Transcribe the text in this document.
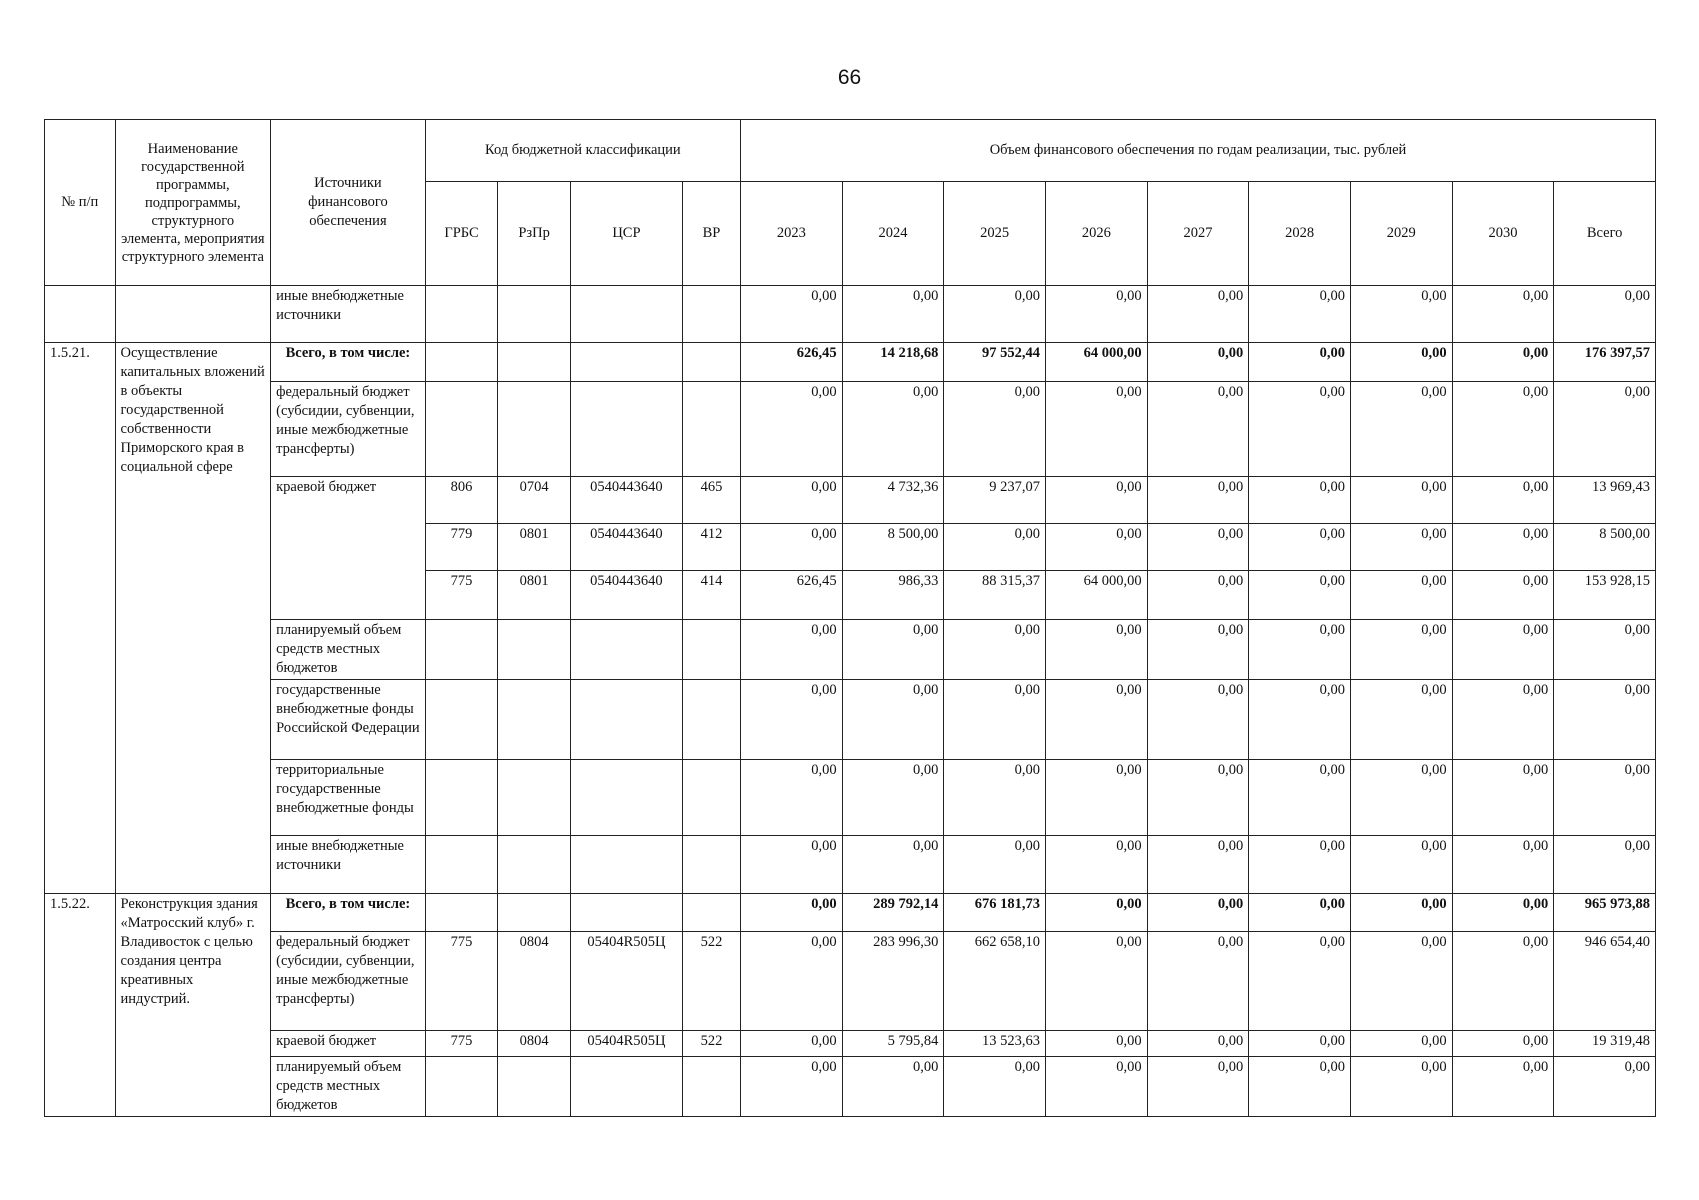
66
№ п/п	Наименование государственной программы, подпрограммы, структурного элемента, мероприятия структурного элемента	Источники финансового обеспечения	Код бюджетной классификации				Объем финансового обеспечения по годам реализации, тыс. рублей								
			ГРБС	РзПр	ЦСР	ВР	2023	2024	2025	2026	2027	2028	2029	2030	Всего
		иные внебюджетные источники					0,00	0,00	0,00	0,00	0,00	0,00	0,00	0,00	0,00
1.5.21.	Осуществление капитальных вложений в объекты государственной собственности Приморского края в социальной сфере	Всего, в том числе:					626,45	14 218,68	97 552,44	64 000,00	0,00	0,00	0,00	0,00	176 397,57
		федеральный бюджет (субсидии, субвенции, иные межбюджетные трансферты)					0,00	0,00	0,00	0,00	0,00	0,00	0,00	0,00	0,00
		краевой бюджет	806	0704	0540443640	465	0,00	4 732,36	9 237,07	0,00	0,00	0,00	0,00	0,00	13 969,43
			779	0801	0540443640	412	0,00	8 500,00	0,00	0,00	0,00	0,00	0,00	0,00	8 500,00
			775	0801	0540443640	414	626,45	986,33	88 315,37	64 000,00	0,00	0,00	0,00	0,00	153 928,15
		планируемый объем средств местных бюджетов					0,00	0,00	0,00	0,00	0,00	0,00	0,00	0,00	0,00
		государственные внебюджетные фонды Российской Федерации					0,00	0,00	0,00	0,00	0,00	0,00	0,00	0,00	0,00
		территориальные государственные внебюджетные фонды					0,00	0,00	0,00	0,00	0,00	0,00	0,00	0,00	0,00
		иные внебюджетные источники					0,00	0,00	0,00	0,00	0,00	0,00	0,00	0,00	0,00
1.5.22.	Реконструкция здания «Матросский клуб» г. Владивосток с целью создания центра креативных индустрий.	Всего, в том числе:					0,00	289 792,14	676 181,73	0,00	0,00	0,00	0,00	0,00	965 973,88
		федеральный бюджет (субсидии, субвенции, иные межбюджетные трансферты)	775	0804	05404R505Ц	522	0,00	283 996,30	662 658,10	0,00	0,00	0,00	0,00	0,00	946 654,40
		краевой бюджет	775	0804	05404R505Ц	522	0,00	5 795,84	13 523,63	0,00	0,00	0,00	0,00	0,00	19 319,48
		планируемый объем средств местных бюджетов					0,00	0,00	0,00	0,00	0,00	0,00	0,00	0,00	0,00
